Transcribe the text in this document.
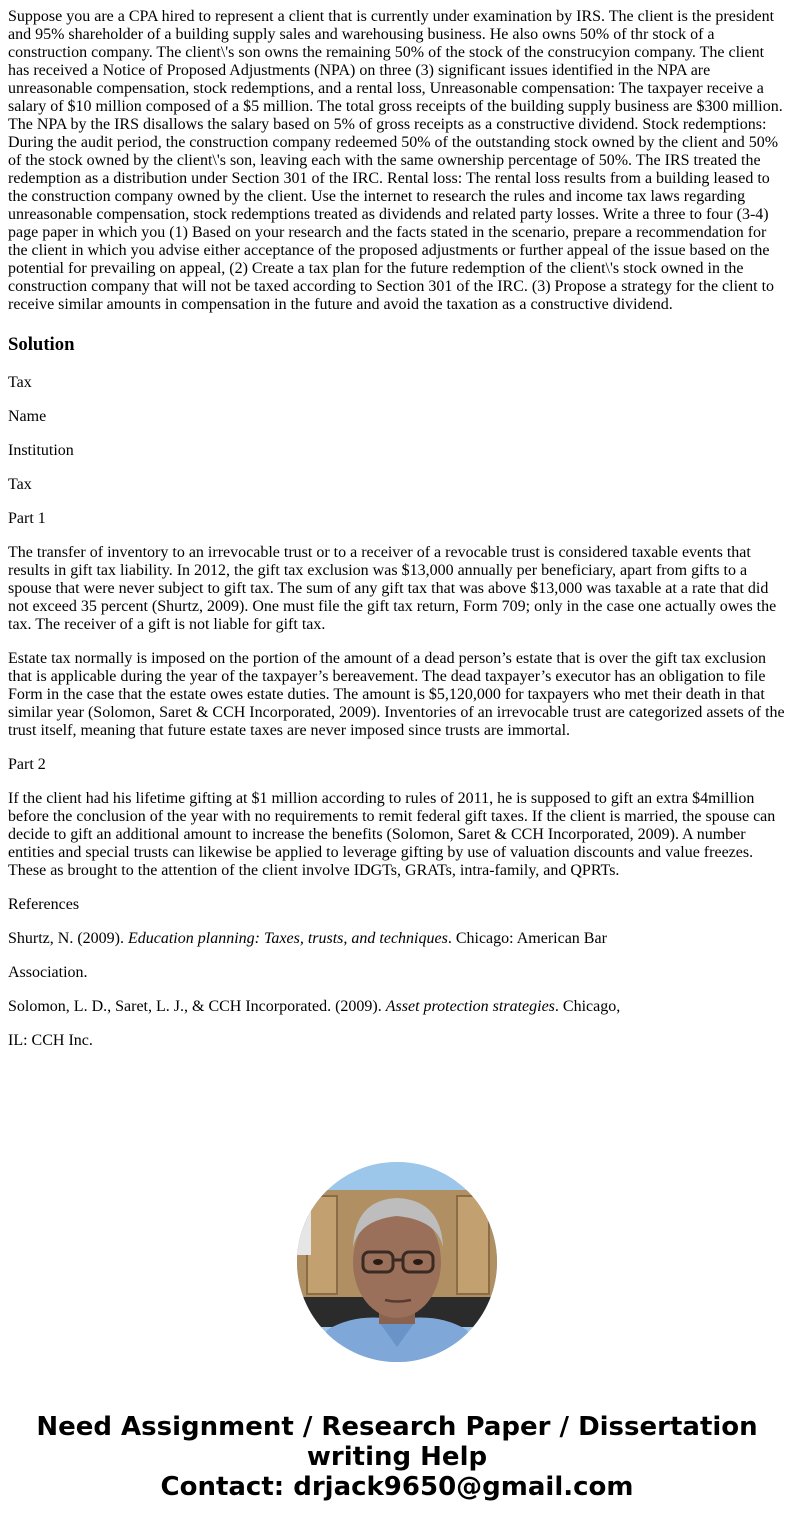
Suppose you are a CPA hired to represent a client that is currently under examination by IRS. The client is the president and 95% shareholder of a building supply sales and warehousing business. He also owns 50% of thr stock of a construction company. The client\'s son owns the remaining 50% of the stock of the construcyion company. The client has received a Notice of Proposed Adjustments (NPA) on three (3) significant issues identified in the NPA are unreasonable compensation, stock redemptions, and a rental loss, Unreasonable compensation: The taxpayer receive a salary of $10 million composed of a $5 million. The total gross receipts of the building supply business are $300 million. The NPA by the IRS disallows the salary based on 5% of gross receipts as a constructive dividend. Stock redemptions: During the audit period, the construction company redeemed 50% of the outstanding stock owned by the client and 50% of the stock owned by the client\'s son, leaving each with the same ownership percentage of 50%. The IRS treated the redemption as a distribution under Section 301 of the IRC. Rental loss: The rental loss results from a building leased to the construction company owned by the client. Use the internet to research the rules and income tax laws regarding unreasonable compensation, stock redemptions treated as dividends and related party losses. Write a three to four (3-4) page paper in which you (1) Based on your research and the facts stated in the scenario, prepare a recommendation for the client in which you advise either acceptance of the proposed adjustments or further appeal of the issue based on the potential for prevailing on appeal, (2) Create a tax plan for the future redemption of the client\'s stock owned in the construction company that will not be taxed according to Section 301 of the IRC. (3) Propose a strategy for the client to receive similar amounts in compensation in the future and avoid the taxation as a constructive dividend.

Solution

Tax

Name

Institution

Tax

Part 1

The transfer of inventory to an irrevocable trust or to a receiver of a revocable trust is considered taxable events that results in gift tax liability. In 2012, the gift tax exclusion was $13,000 annually per beneficiary, apart from gifts to a spouse that were never subject to gift tax. The sum of any gift tax that was above $13,000 was taxable at a rate that did not exceed 35 percent (Shurtz, 2009). One must file the gift tax return, Form 709; only in the case one actually owes the tax. The receiver of a gift is not liable for gift tax.

Estate tax normally is imposed on the portion of the amount of a dead person’s estate that is over the gift tax exclusion that is applicable during the year of the taxpayer’s bereavement. The dead taxpayer’s executor has an obligation to file Form in the case that the estate owes estate duties. The amount is $5,120,000 for taxpayers who met their death in that similar year (Solomon, Saret & CCH Incorporated, 2009). Inventories of an irrevocable trust are categorized assets of the trust itself, meaning that future estate taxes are never imposed since trusts are immortal.

Part 2

If the client had his lifetime gifting at $1 million according to rules of 2011, he is supposed to gift an extra $4million before the conclusion of the year with no requirements to remit federal gift taxes. If the client is married, the spouse can decide to gift an additional amount to increase the benefits (Solomon, Saret & CCH Incorporated, 2009). A number entities and special trusts can likewise be applied to leverage gifting by use of valuation discounts and value freezes. These as brought to the attention of the client involve IDGTs, GRATs, intra-family, and QPRTs.

References

Shurtz, N. (2009). Education planning: Taxes, trusts, and techniques. Chicago: American Bar

Association.

Solomon, L. D., Saret, L. J., & CCH Incorporated. (2009). Asset protection strategies. Chicago,

IL: CCH Inc.

Need Assignment / Research Paper / Dissertation
writing Help
Contact: drjack9650@gmail.com
